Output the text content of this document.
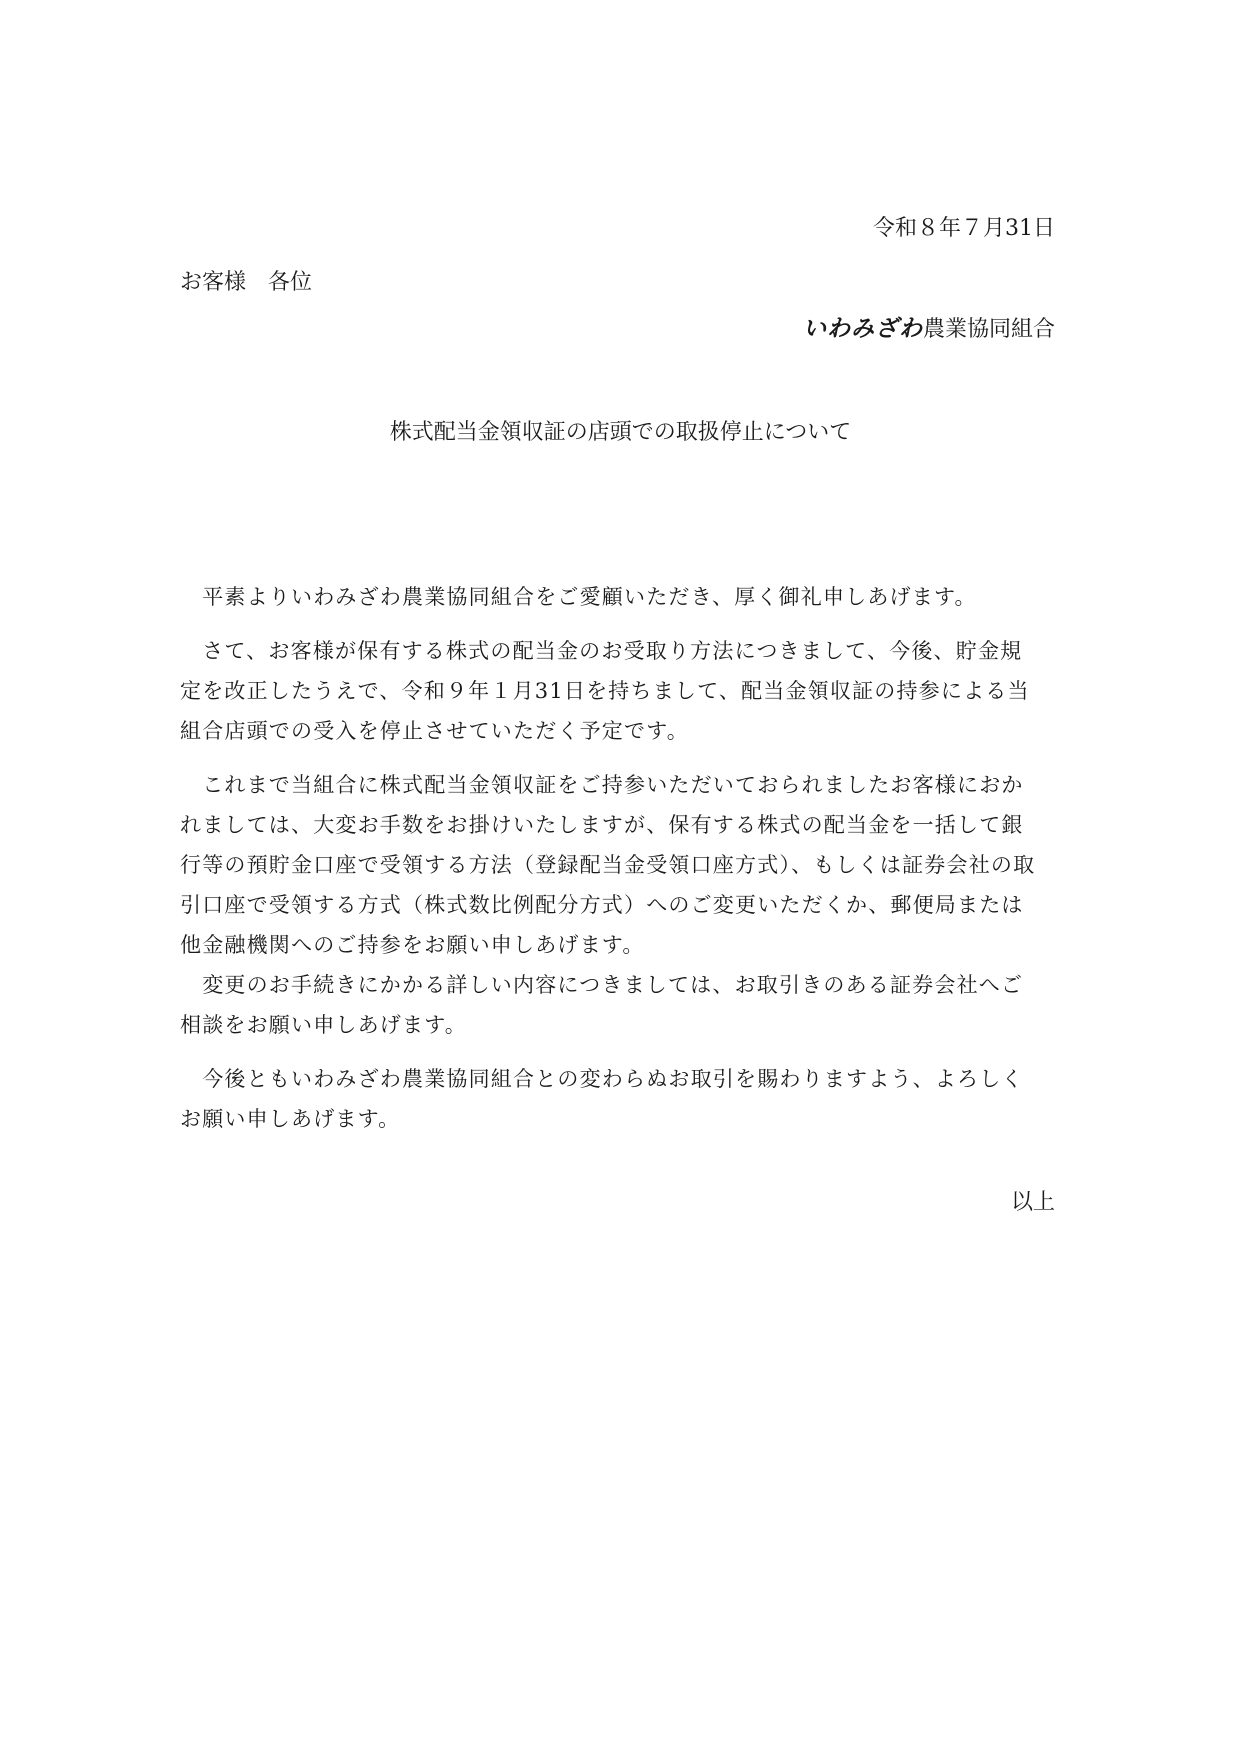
令和８年７月31日
お客様　各位
いわみざわ農業協同組合
株式配当金領収証の店頭での取扱停止について

　平素よりいわみざわ農業協同組合をご愛顧いただき、厚く御礼申しあげます。

　さて、お客様が保有する株式の配当金のお受取り方法につきまして、今後、貯金規

定を改正したうえで、令和９年１月31日を持ちまして、配当金領収証の持参による当

組合店頭での受入を停止させていただく予定です。

　これまで当組合に株式配当金領収証をご持参いただいておられましたお客様におか

れましては、大変お手数をお掛けいたしますが、保有する株式の配当金を一括して銀

行等の預貯金口座で受領する方法（登録配当金受領口座方式）、もしくは証券会社の取

引口座で受領する方式（株式数比例配分方式）へのご変更いただくか、郵便局または

他金融機関へのご持参をお願い申しあげます。

　変更のお手続きにかかる詳しい内容につきましては、お取引きのある証券会社へご

相談をお願い申しあげます。

　今後ともいわみざわ農業協同組合との変わらぬお取引を賜わりますよう、よろしく

お願い申しあげます。

以上
